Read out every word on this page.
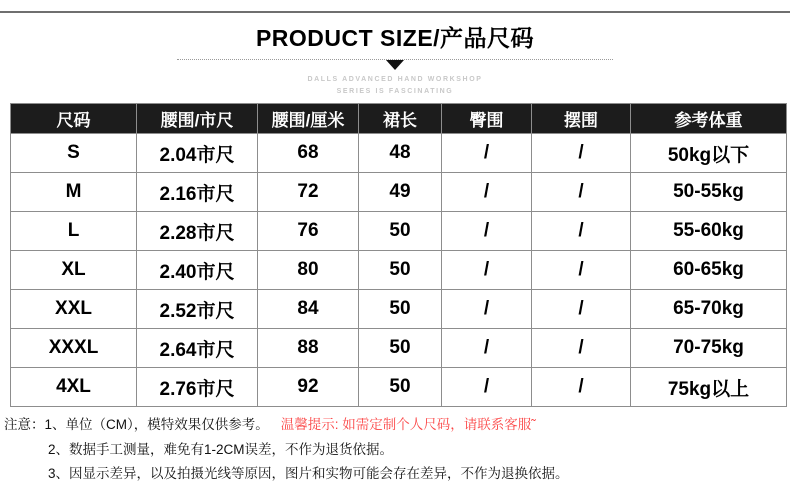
PRODUCT SIZE/产品尺码
DALLS ADVANCED HAND WORKSHOP
SERIES IS FASCINATING
尺码	腰围/市尺	腰围/厘米	裙长	臀围	摆围	参考体重
S	2.04市尺	68	48	/	/	50kg以下
M	2.16市尺	72	49	/	/	50-55kg
L	2.28市尺	76	50	/	/	55-60kg
XL	2.40市尺	80	50	/	/	60-65kg
XXL	2.52市尺	84	50	/	/	65-70kg
XXXL	2.64市尺	88	50	/	/	70-75kg
4XL	2.76市尺	92	50	/	/	75kg以上
注意：1、单位（CM），模特效果仅供参考。 温馨提示: 如需定制个人尺码，请联系客服˜
2、数据手工测量，难免有1-2CM误差，不作为退货依据。
3、因显示差异，以及拍摄光线等原因，图片和实物可能会存在差异，不作为退换依据。
